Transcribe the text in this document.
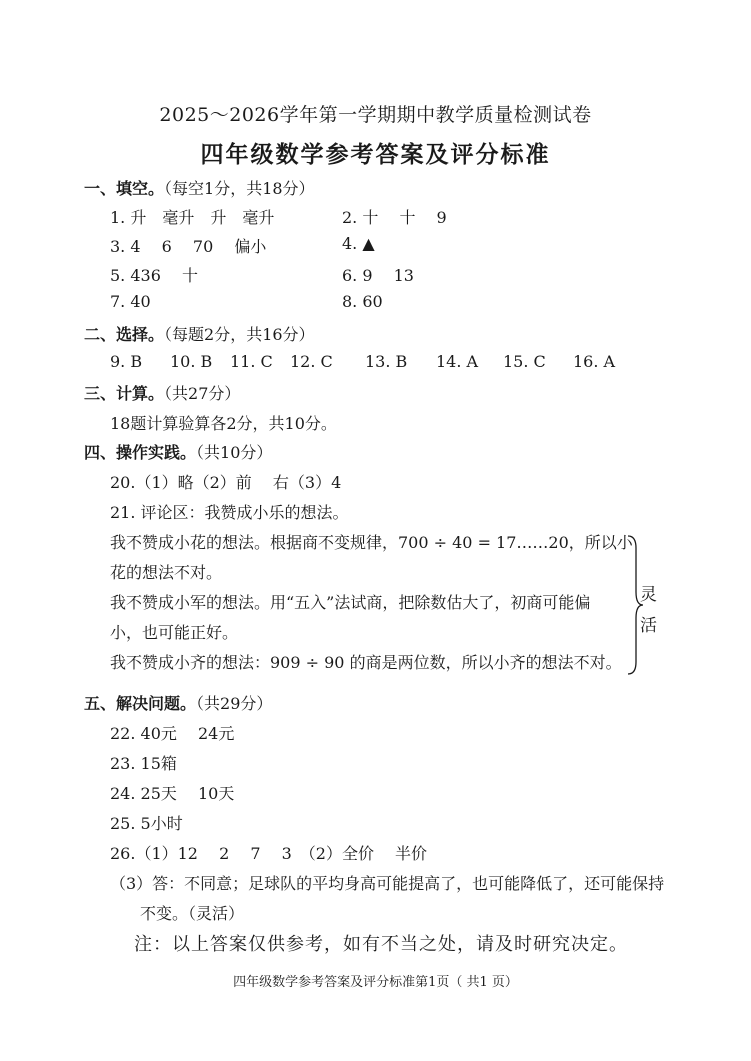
2025～2026学年第一学期期中教学质量检测试卷
四年级数学参考答案及评分标准
一、填空。（每空1分，共18分）
1. 升　毫升　升　毫升	2. 十　 十　 9
3. 4　 6　 70　 偏小	4. ▲
5. 436　 十	6. 9　 13
7. 40	8. 60
二、选择。（每题2分，共16分）
9. B 10. B 11. C 12. C 13. B 14. A 15. C 16. A
三、计算。（共27分）
18题计算验算各2分，共10分。
四、操作实践。（共10分）
20.（1）略（2）前　 右（3）4
21. 评论区：我赞成小乐的想法。
我不赞成小花的想法。根据商不变规律，700 ÷ 40 = 17……20，所以小
花的想法不对。
我不赞成小军的想法。用“五入”法试商，把除数估大了，初商可能偏
小，也可能正好。
我不赞成小齐的想法：909 ÷ 90 的商是两位数，所以小齐的想法不对。
灵
活
五、解决问题。（共29分）
22. 40元　 24元
23. 15箱
24. 25天　 10天
25. 5小时
26.（1）12　 2　 7　 3　（2）全价　 半价
（3）答：不同意；足球队的平均身高可能提高了，也可能降低了，还可能保持
不变。（灵活）
注：以上答案仅供参考，如有不当之处，请及时研究决定。
四年级数学参考答案及评分标准第1页（ 共1 页）
